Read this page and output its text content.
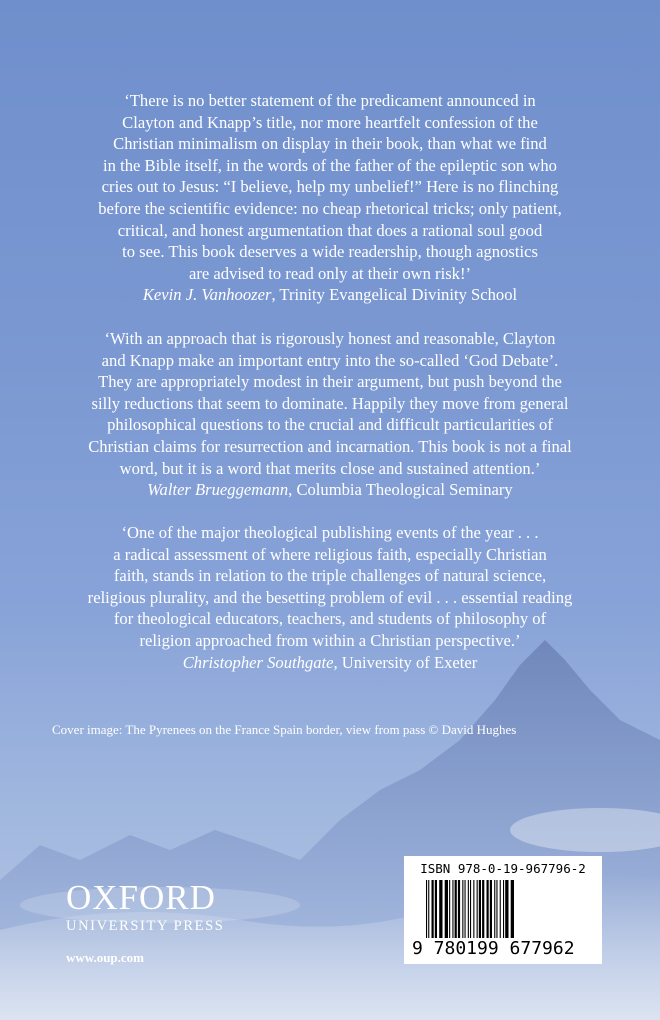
‘There is no better statement of the predicament announced in
Clayton and Knapp’s title, nor more heartfelt confession of the
Christian minimalism on display in their book, than what we find
in the Bible itself, in the words of the father of the epileptic son who
cries out to Jesus: “I believe, help my unbelief!” Here is no flinching
before the scientific evidence: no cheap rhetorical tricks; only patient,
critical, and honest argumentation that does a rational soul good
to see. This book deserves a wide readership, though agnostics
are advised to read only at their own risk!’
Kevin J. Vanhoozer, Trinity Evangelical Divinity School
‘With an approach that is rigorously honest and reasonable, Clayton
and Knapp make an important entry into the so-called ‘God Debate’.
They are appropriately modest in their argument, but push beyond the
silly reductions that seem to dominate. Happily they move from general
philosophical questions to the crucial and difficult particularities of
Christian claims for resurrection and incarnation. This book is not a final
word, but it is a word that merits close and sustained attention.’
Walter Brueggemann, Columbia Theological Seminary
‘One of the major theological publishing events of the year . . .
a radical assessment of where religious faith, especially Christian
faith, stands in relation to the triple challenges of natural science,
religious plurality, and the besetting problem of evil . . . essential reading
for theological educators, teachers, and students of philosophy of
religion approached from within a Christian perspective.’
Christopher Southgate, University of Exeter
Cover image: The Pyrenees on the France Spain border, view from pass © David Hughes
OXFORD
UNIVERSITY PRESS
www.oup.com
ISBN 978-0-19-967796-2
9 780199 677962
